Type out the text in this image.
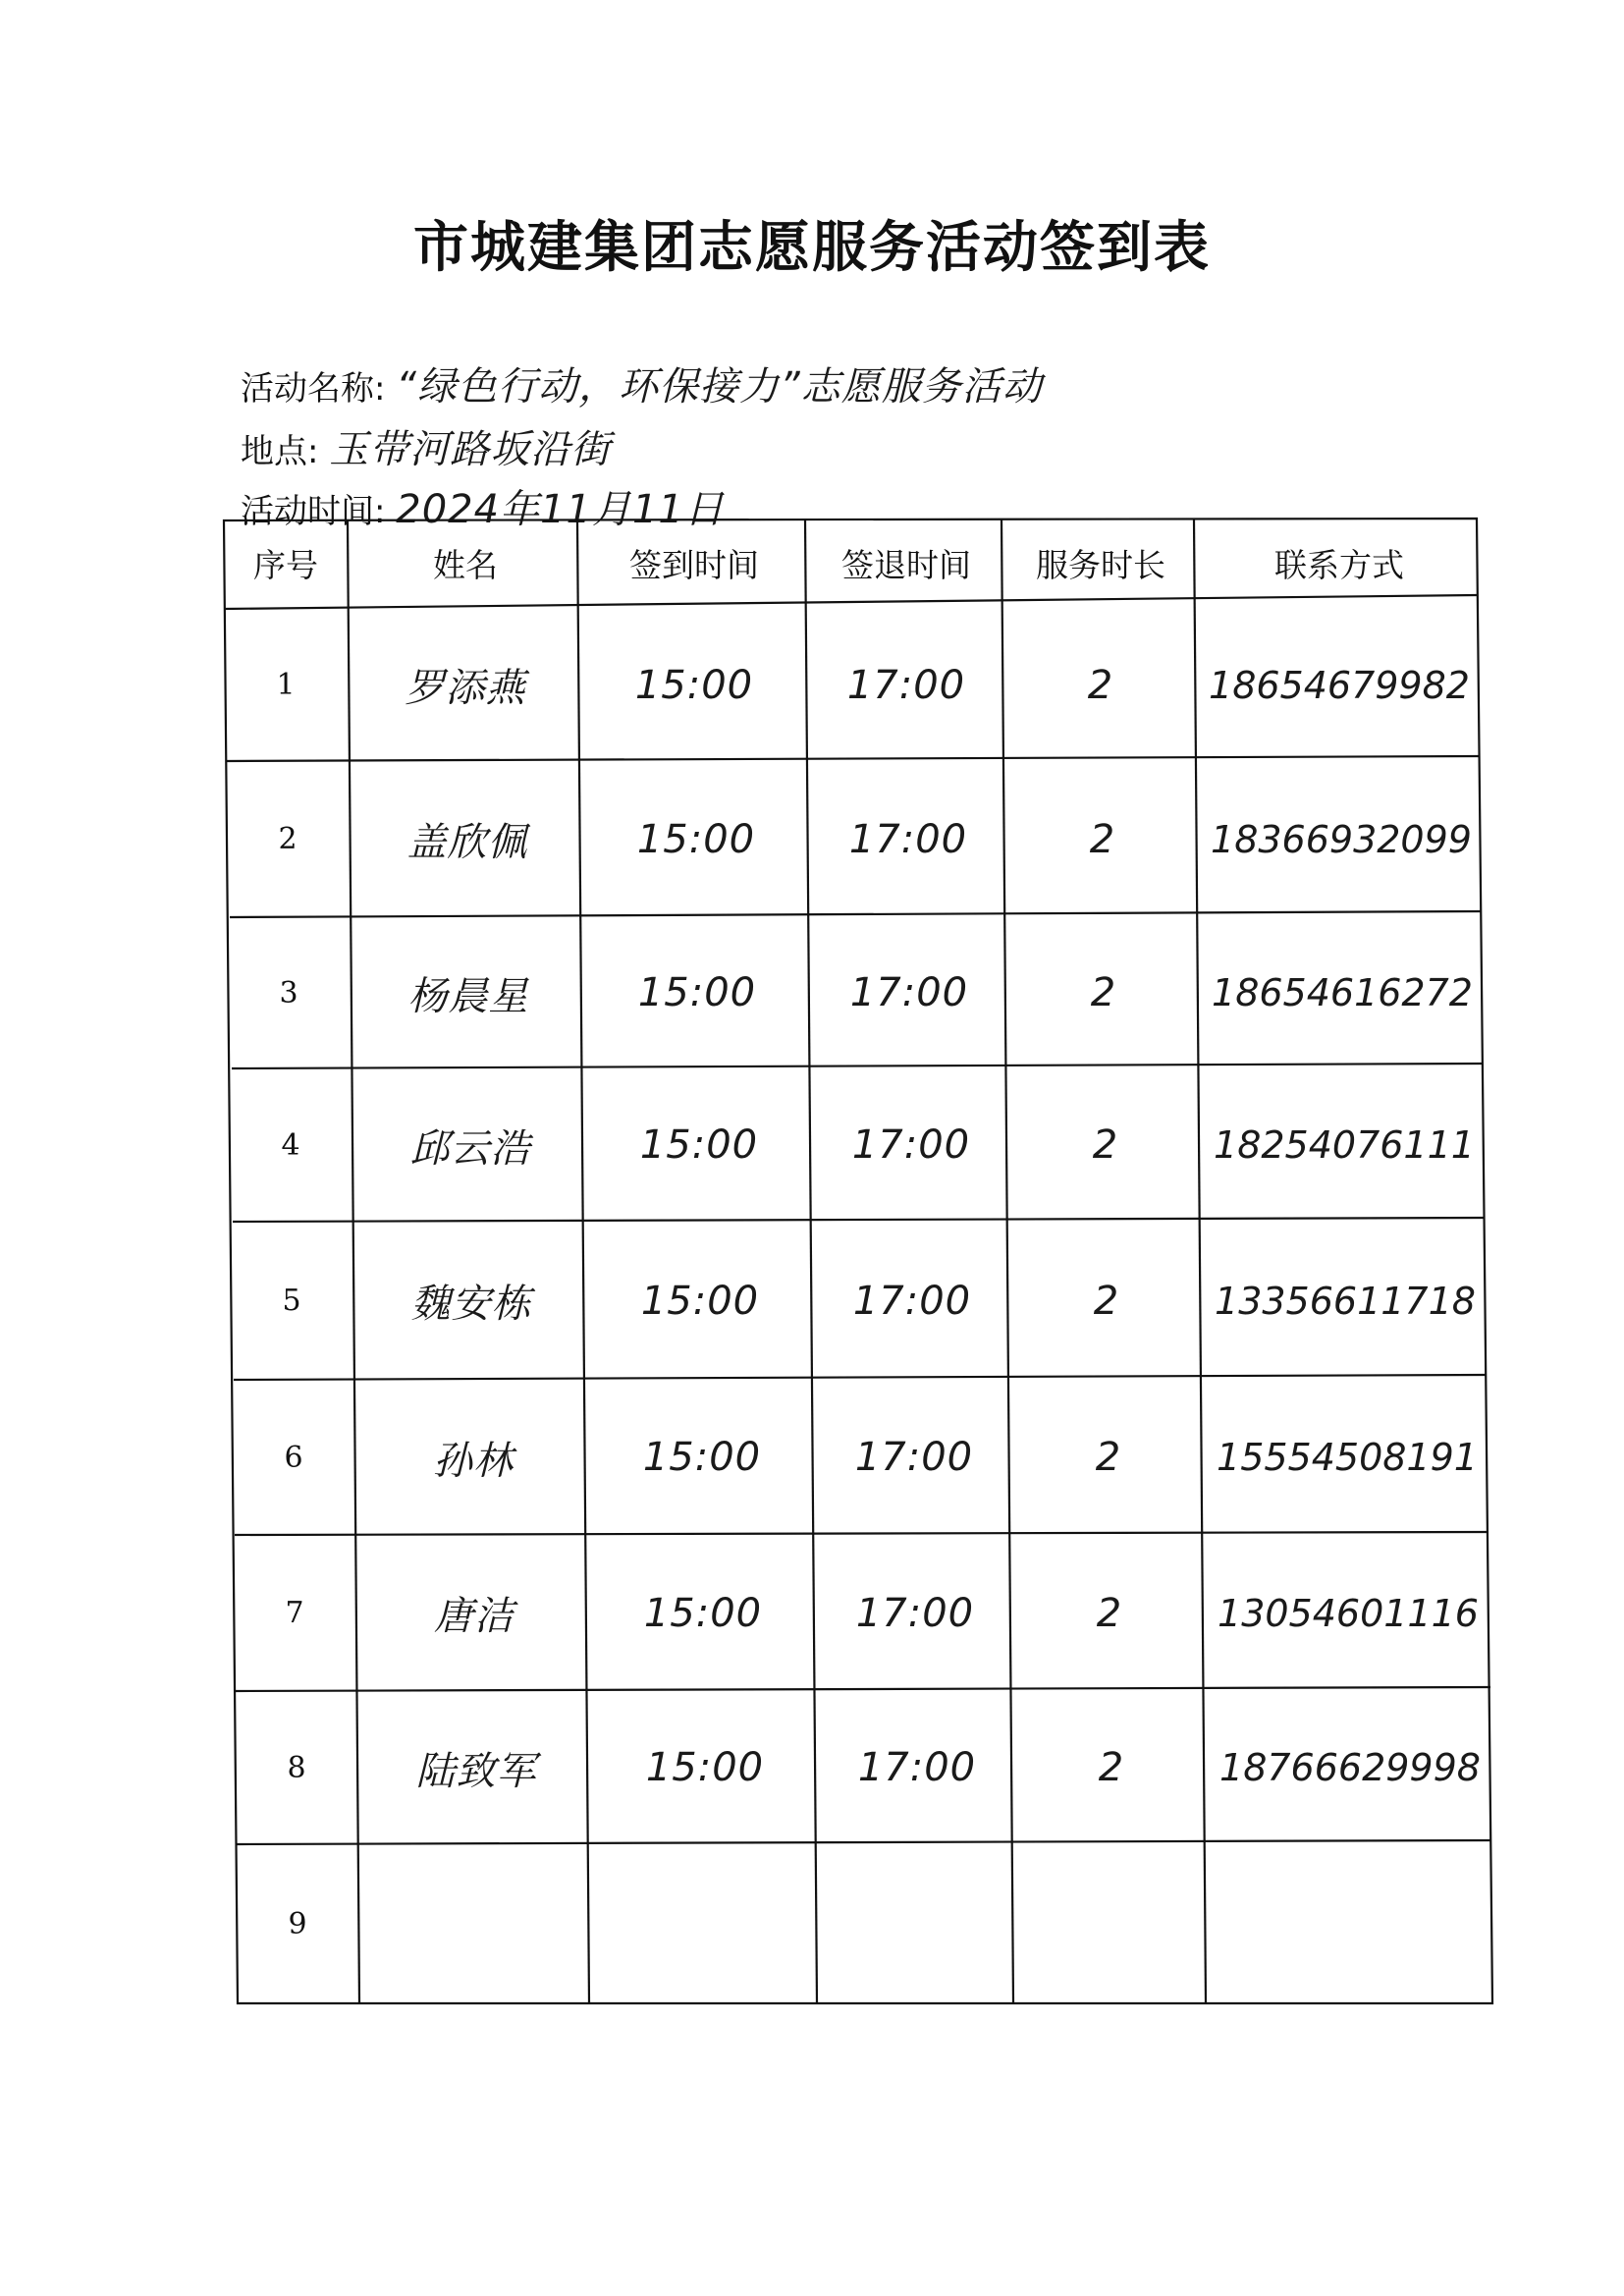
市城建集团志愿服务活动签到表
活动名称: “绿色行动，环保接力”志愿服务活动
地点: 玉带河路坂沿街
活动时间: 2024年11月11日
序号	姓名	签到时间	签退时间	服务时长	联系方式
1	罗添燕	15:00	17:00	2	18654679982
2	盖欣佩	15:00	17:00	2	18366932099
3	杨晨星	15:00	17:00	2	18654616272
4	邱云浩	15:00	17:00	2	18254076111
5	魏安栋	15:00	17:00	2	13356611718
6	孙林	15:00	17:00	2	15554508191
7	唐洁	15:00	17:00	2	13054601116
8	陆致军	15:00	17:00	2	18766629998
9
